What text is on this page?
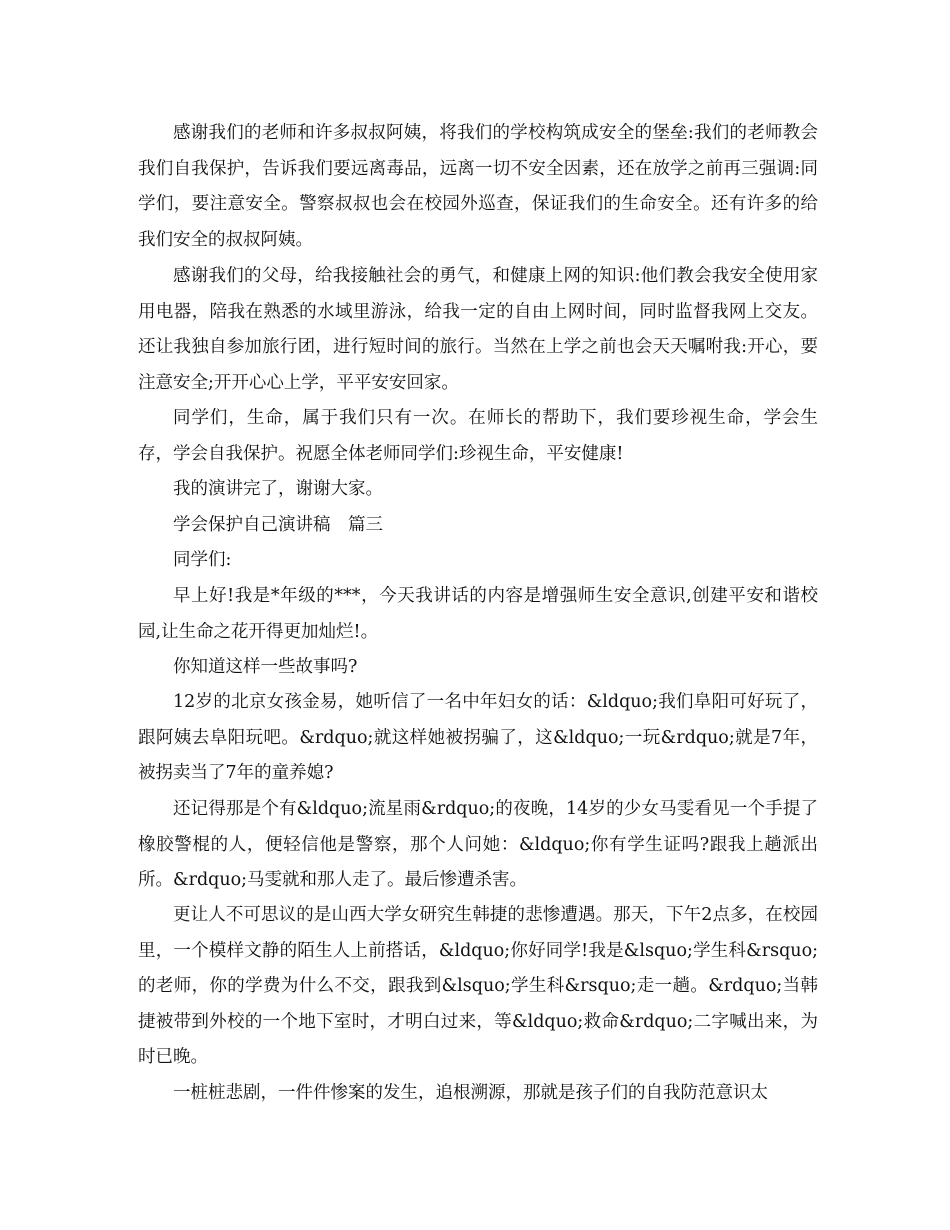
感谢我们的老师和许多叔叔阿姨，将我们的学校构筑成安全的堡垒:我们的老师教会我们自我保护，告诉我们要远离毒品，远离一切不安全因素，还在放学之前再三强调:同学们，要注意安全。警察叔叔也会在校园外巡查，保证我们的生命安全。还有许多的给我们安全的叔叔阿姨。
感谢我们的父母，给我接触社会的勇气，和健康上网的知识:他们教会我安全使用家用电器，陪我在熟悉的水域里游泳，给我一定的自由上网时间，同时监督我网上交友。还让我独自参加旅行团，进行短时间的旅行。当然在上学之前也会天天嘱咐我:开心，要注意安全;开开心心上学，平平安安回家。
同学们，生命，属于我们只有一次。在师长的帮助下，我们要珍视生命，学会生存，学会自我保护。祝愿全体老师同学们:珍视生命，平安健康!
我的演讲完了，谢谢大家。
学会保护自己演讲稿　篇三
同学们:
早上好!我是*年级的***，今天我讲话的内容是增强师生安全意识,创建平安和谐校园,让生命之花开得更加灿烂!。
你知道这样一些故事吗?
12岁的北京女孩金易，她听信了一名中年妇女的话：&ldquo;我们阜阳可好玩了，跟阿姨去阜阳玩吧。&rdquo;就这样她被拐骗了，这&ldquo;一玩&rdquo;就是7年，被拐卖当了7年的童养媳?
还记得那是个有&ldquo;流星雨&rdquo;的夜晚，14岁的少女马雯看见一个手提了橡胶警棍的人，便轻信他是警察，那个人问她：&ldquo;你有学生证吗?跟我上趟派出所。&rdquo;马雯就和那人走了。最后惨遭杀害。
更让人不可思议的是山西大学女研究生韩捷的悲惨遭遇。那天，下午2点多，在校园里，一个模样文静的陌生人上前搭话，&ldquo;你好同学!我是&lsquo;学生科&rsquo;的老师，你的学费为什么不交，跟我到&lsquo;学生科&rsquo;走一趟。&rdquo;当韩捷被带到外校的一个地下室时，才明白过来，等&ldquo;救命&rdquo;二字喊出来，为时已晚。
一桩桩悲剧，一件件惨案的发生，追根溯源，那就是孩子们的自我防范意识太
